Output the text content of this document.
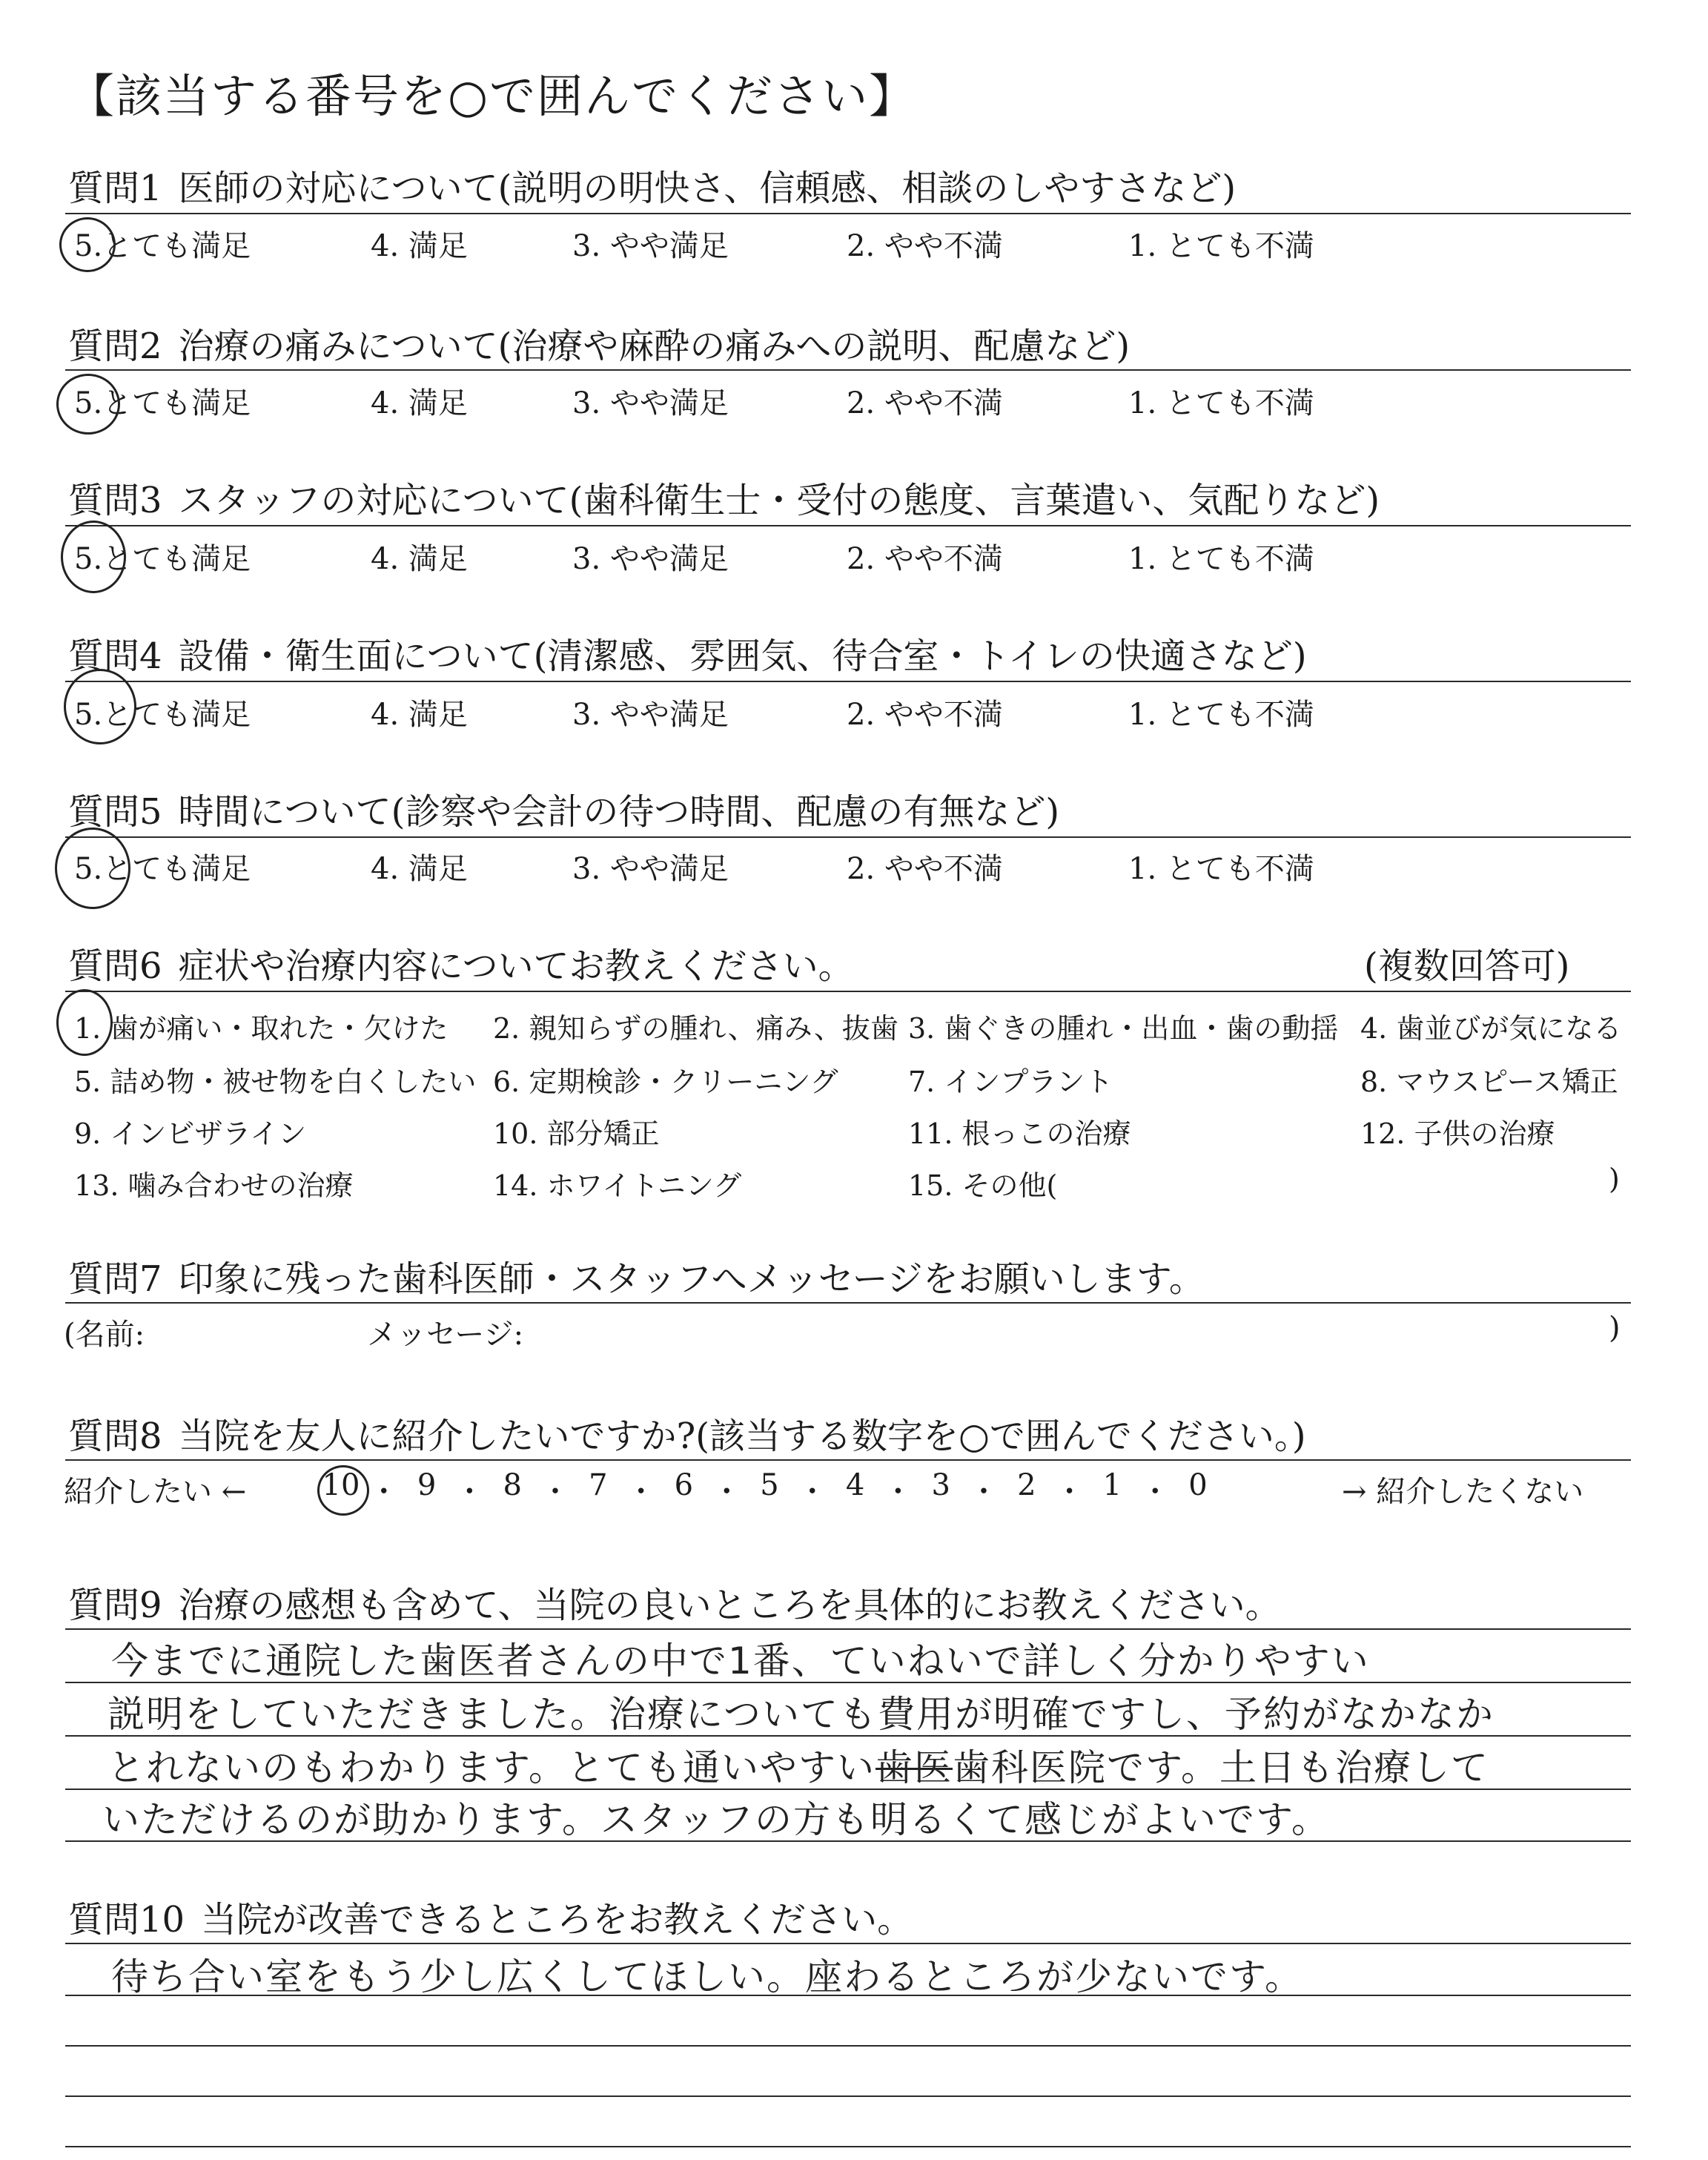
【該当する番号を○で囲んでください】
質問1 医師の対応について(説明の明快さ、信頼感、相談のしやすさなど)
5.とても満足	4. 満足	3. やや満足	2. やや不満	1. とても不満
質問2 治療の痛みについて(治療や麻酔の痛みへの説明、配慮など)
5.とても満足	4. 満足	3. やや満足	2. やや不満	1. とても不満
質問3 スタッフの対応について(歯科衛生士・受付の態度、言葉遣い、気配りなど)
5.とても満足	4. 満足	3. やや満足	2. やや不満	1. とても不満
質問4 設備・衛生面について(清潔感、雰囲気、待合室・トイレの快適さなど)
5.とても満足	4. 満足	3. やや満足	2. やや不満	1. とても不満
質問5 時間について(診察や会計の待つ時間、配慮の有無など)
5.とても満足	4. 満足	3. やや満足	2. やや不満	1. とても不満
質問6 症状や治療内容についてお教えください。	(複数回答可)
1. 歯が痛い・取れた・欠けた 2. 親知らずの腫れ、痛み、抜歯 3. 歯ぐきの腫れ・出血・歯の動揺 4. 歯並びが気になる
5. 詰め物・被せ物を白くしたい 6. 定期検診・クリーニング 7. インプラント	8. マウスピース矯正
9. インビザライン	10. 部分矯正	11. 根っこの治療	12. 子供の治療
13. 噛み合わせの治療	14. ホワイトニング	15. その他(	)
質問7 印象に残った歯科医師・スタッフへメッセージをお願いします。
(名前:	メッセージ:	)
質問8 当院を友人に紹介したいですか?(該当する数字を○で囲んでください。)
紹介したい ←	→ 紹介したくない
10 ・ 9 ・ 8 ・ 7 ・ 6 ・ 5 ・ 4 ・ 3 ・ 2 ・ 1 ・ 0
質問9 治療の感想も含めて、当院の良いところを具体的にお教えください。
今までに通院した歯医者さんの中で1番、ていねいで詳しく分かりやすい
説明をしていただきました。治療についても費用が明確ですし、予約がなかなか
とれないのもわかります。とても通いやすい歯医歯科医院です。土日も治療して
いただけるのが助かります。スタッフの方も明るくて感じがよいです。
質問10 当院が改善できるところをお教えください。
待ち合い室をもう少し広くしてほしい。座わるところが少ないです。
